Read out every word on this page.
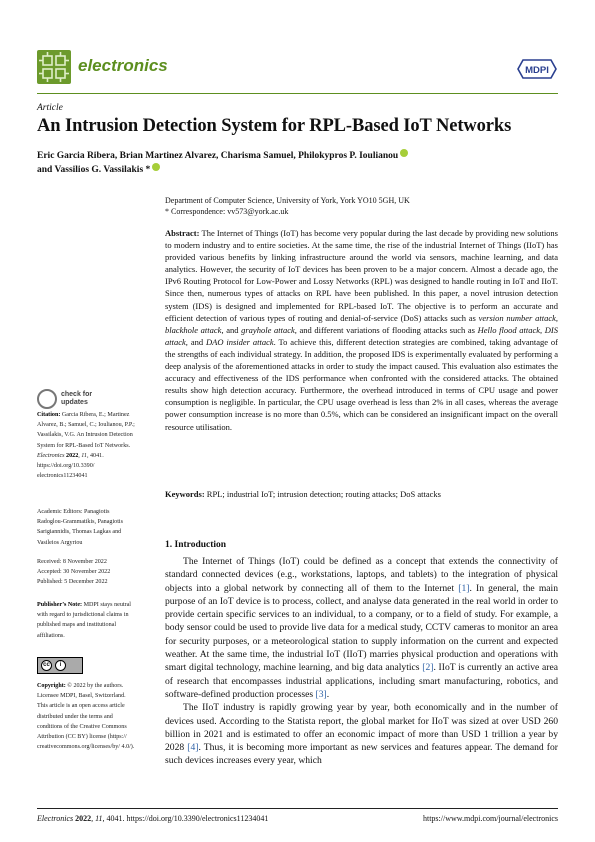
electronics	MDPI
Article
An Intrusion Detection System for RPL-Based IoT Networks
Eric Garcia Ribera, Brian Martinez Alvarez, Charisma Samuel, Philokypros P. Ioulianou
and Vassilios G. Vassilakis *
Department of Computer Science, University of York, York YO10 5GH, UK
* Correspondence: vv573@york.ac.uk
Abstract: The Internet of Things (IoT) has become very popular during the last decade by providing new solutions to modern industry and to entire societies. At the same time, the rise of the industrial Internet of Things (IIoT) has provided various benefits by linking infrastructure around the world via sensors, machine learning, and data analytics. However, the security of IoT devices has been proven to be a major concern. Almost a decade ago, the IPv6 Routing Protocol for Low-Power and Lossy Networks (RPL) was designed to handle routing in IoT and IIoT. Since then, numerous types of attacks on RPL have been published. In this paper, a novel intrusion detection system (IDS) is designed and implemented for RPL-based IoT. The objective is to perform an accurate and efficient detection of various types of routing and denial-of-service (DoS) attacks such as version number attack, blackhole attack, and grayhole attack, and different variations of flooding attacks such as Hello flood attack, DIS attack, and DAO insider attack. To achieve this, different detection strategies are combined, taking advantage of the strengths of each individual strategy. In addition, the proposed IDS is experimentally evaluated by performing a deep analysis of the aforementioned attacks in order to study the impact caused. This evaluation also estimates the accuracy and effectiveness of the IDS performance when confronted with the considered attacks. The obtained results show high detection accuracy. Furthermore, the overhead introduced in terms of CPU usage and power consumption is negligible. In particular, the CPU usage overhead is less than 2% in all cases, whereas the average power consumption increase is no more than 0.5%, which can be considered an insignificant impact on the overall resource utilisation.
Keywords: RPL; industrial IoT; intrusion detection; routing attacks; DoS attacks
1. Introduction

The Internet of Things (IoT) could be defined as a concept that extends the connectivity of standard connected devices (e.g., workstations, laptops, and tablets) to the integration of physical objects into a global network by connecting all of them to the Internet [1]. In general, the main purpose of an IoT device is to process, collect, and analyse data generated in the real world in order to provide certain specific services to an individual, to a company, or to a field of study. For example, a body sensor could be used to provide live data for a medical study, CCTV cameras to monitor an area for security purposes, or a meteorological station to supply information on the current and expected weather. At the same time, the industrial IoT (IIoT) marries physical production and operations with smart digital technology, machine learning, and big data analytics [2]. IIoT is currently an active area of research that encompasses industrial applications, including smart manufacturing, robotics, and software-defined production processes [3].

The IIoT industry is rapidly growing year by year, both economically and in the number of devices used. According to the Statista report, the global market for IIoT was sized at over USD 260 billion in 2021 and is estimated to offer an economic impact of more than USD 1 trillion a year by 2028 [4]. Thus, it is becoming more important as new services and features appear. The demand for such devices increases every year, which

check for
updates
Citation: Garcia Ribera, E.; Martinez Alvarez, B.; Samuel, C.; Ioulianou, P.P.; Vassilakis, V.G. An Intrusion Detection System for RPL-Based IoT Networks. Electronics 2022, 11, 4041. https://doi.org/10.3390/ electronics11234041
Academic Editors: Panagiotis Radoglou-Grammatikis, Panagiotis Sarigiannidis, Thomas Lagkas and Vasileios Argyriou
Received: 8 November 2022
Accepted: 30 November 2022
Published: 5 December 2022
Publisher’s Note: MDPI stays neutral with regard to jurisdictional claims in published maps and institutional affiliations.
cc	i
Copyright: © 2022 by the authors. Licensee MDPI, Basel, Switzerland. This article is an open access article distributed under the terms and conditions of the Creative Commons Attribution (CC BY) license (https:// creativecommons.org/licenses/by/ 4.0/).
Electronics 2022, 11, 4041. https://doi.org/10.3390/electronics11234041	https://www.mdpi.com/journal/electronics
